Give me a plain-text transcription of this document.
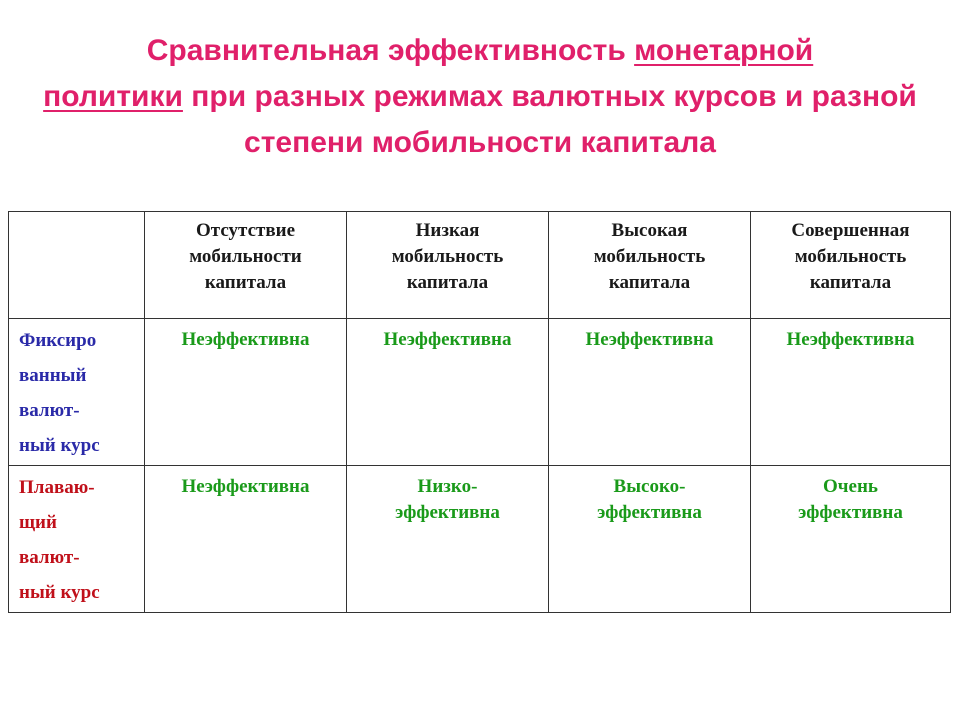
Сравнительная эффективность монетарной
политики при разных режимах валютных курсов и разной степени мобильности капитала
	Отсутствие
мобильности
капитала	Низкая
мобильность
капитала	Высокая
мобильность
капитала	Совершенная
мобильность
капитала
Фиксиро
ванный
валют-
ный курс	Неэффективна	Неэффективна	Неэффективна	Неэффективна
Плаваю-
щий
валют-
ный курс	Неэффективна	Низко-
эффективна	Высоко-
эффективна	Очень
эффективна
